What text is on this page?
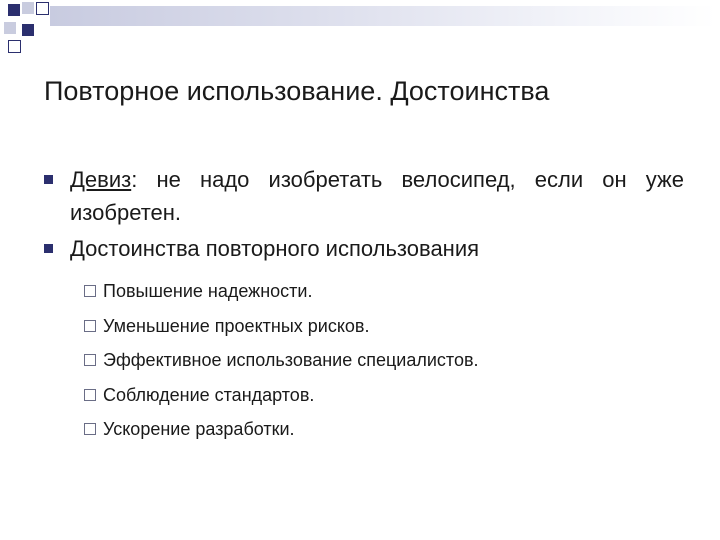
Повторное использование. Достоинства
Девиз: не надо изобретать велосипед, если он уже изобретен.
Достоинства повторного использования
Повышение надежности.
Уменьшение проектных рисков.
Эффективное использование специалистов.
Соблюдение стандартов.
Ускорение разработки.
